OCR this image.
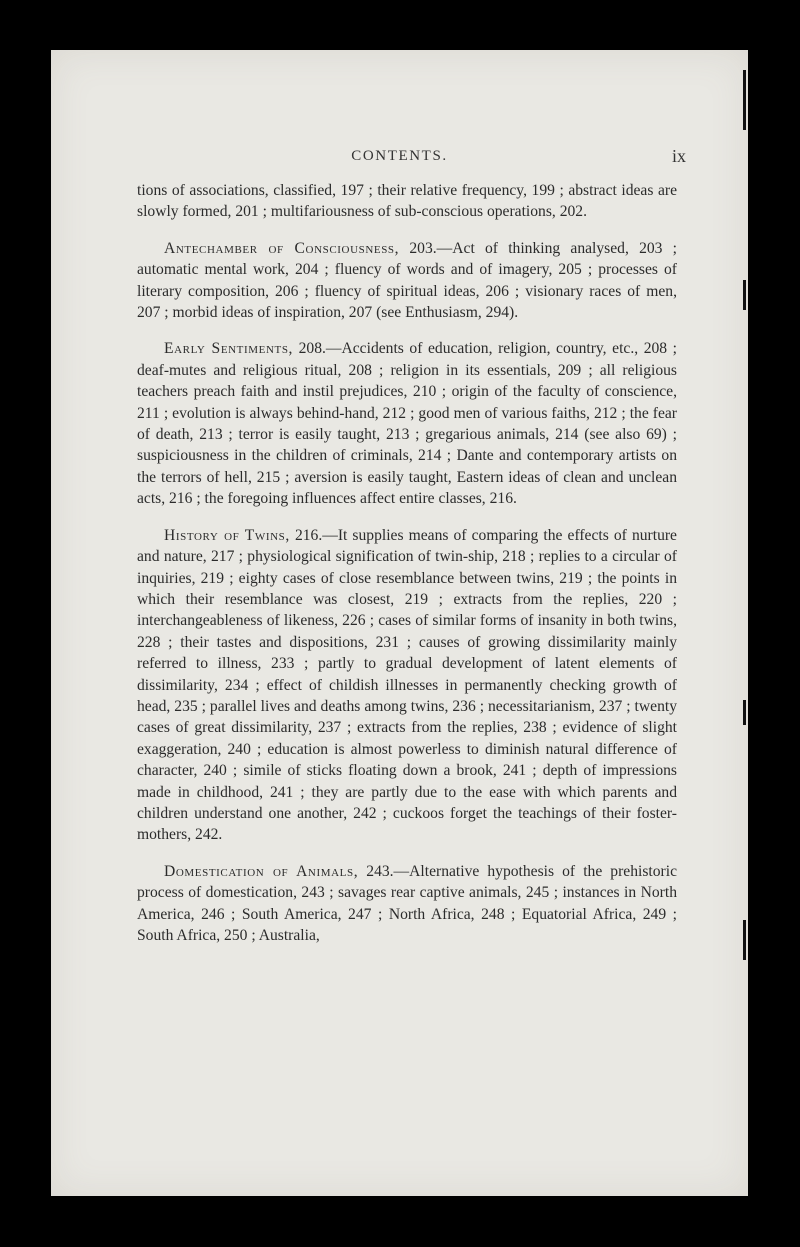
CONTENTS.	ix

tions of associations, classified, 197 ; their relative frequency, 199 ; abstract ideas are slowly formed, 201 ; multifariousness of sub-conscious operations, 202.

Antechamber of Consciousness, 203.—Act of thinking analysed, 203 ; automatic mental work, 204 ; fluency of words and of imagery, 205 ; processes of literary composition, 206 ; fluency of spiritual ideas, 206 ; visionary races of men, 207 ; morbid ideas of inspiration, 207 (see Enthusiasm, 294).

Early Sentiments, 208.—Accidents of education, religion, country, etc., 208 ; deaf-mutes and religious ritual, 208 ; religion in its essentials, 209 ; all religious teachers preach faith and instil prejudices, 210 ; origin of the faculty of conscience, 211 ; evolution is always behind-hand, 212 ; good men of various faiths, 212 ; the fear of death, 213 ; terror is easily taught, 213 ; gregarious animals, 214 (see also 69) ; suspiciousness in the children of criminals, 214 ; Dante and contemporary artists on the terrors of hell, 215 ; aversion is easily taught, Eastern ideas of clean and unclean acts, 216 ; the foregoing influences affect entire classes, 216.

History of Twins, 216.—It supplies means of comparing the effects of nurture and nature, 217 ; physiological signification of twin-ship, 218 ; replies to a circular of inquiries, 219 ; eighty cases of close resemblance between twins, 219 ; the points in which their resemblance was closest, 219 ; extracts from the replies, 220 ; interchangeableness of likeness, 226 ; cases of similar forms of insanity in both twins, 228 ; their tastes and dispositions, 231 ; causes of growing dissimilarity mainly referred to illness, 233 ; partly to gradual development of latent elements of dissimilarity, 234 ; effect of childish illnesses in permanently checking growth of head, 235 ; parallel lives and deaths among twins, 236 ; necessitarianism, 237 ; twenty cases of great dissimilarity, 237 ; extracts from the replies, 238 ; evidence of slight exaggeration, 240 ; education is almost powerless to diminish natural difference of character, 240 ; simile of sticks floating down a brook, 241 ; depth of impressions made in childhood, 241 ; they are partly due to the ease with which parents and children understand one another, 242 ; cuckoos forget the teachings of their foster-mothers, 242.

Domestication of Animals, 243.—Alternative hypothesis of the prehistoric process of domestication, 243 ; savages rear captive animals, 245 ; instances in North America, 246 ; South America, 247 ; North Africa, 248 ; Equatorial Africa, 249 ; South Africa, 250 ; Australia,
